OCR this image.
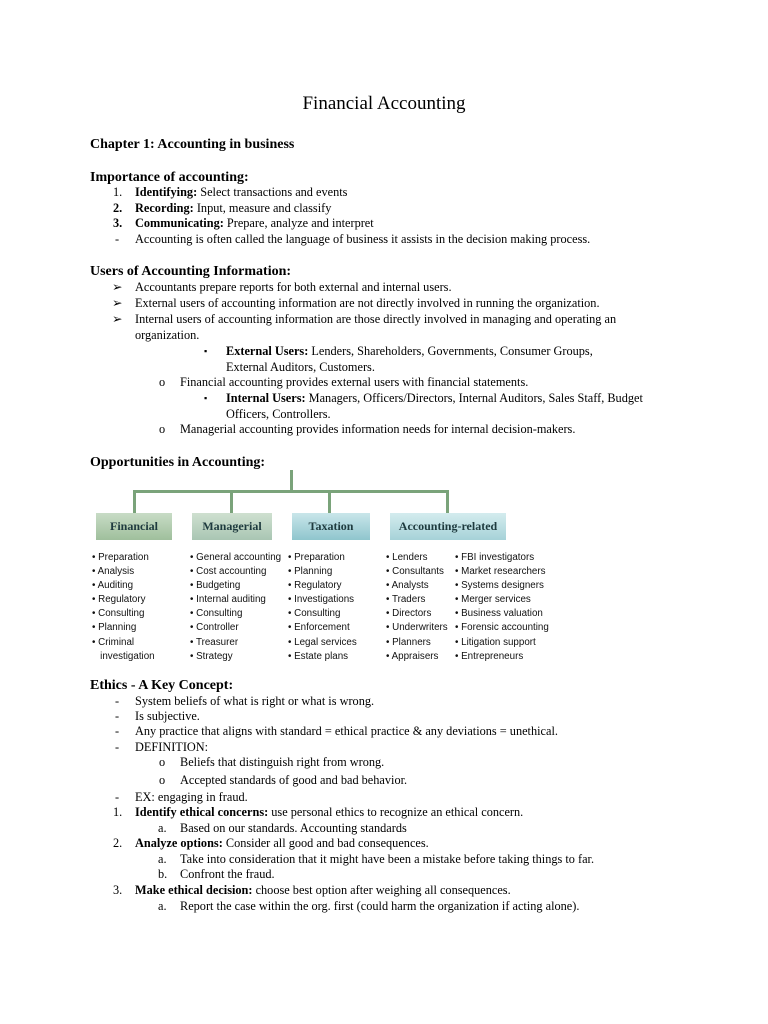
Financial Accounting
Chapter 1: Accounting in business
Importance of accounting:
1. Identifying: Select transactions and events
2. Recording: Input, measure and classify
3. Communicating: Prepare, analyze and interpret
- Accounting is often called the language of business it assists in the decision making process.
Users of Accounting Information:
➢ Accountants prepare reports for both external and internal users.
➢ External users of accounting information are not directly involved in running the organization.
➢ Internal users of accounting information are those directly involved in managing and operating an
organization.
▪ External Users: Lenders, Shareholders, Governments, Consumer Groups,
External Auditors, Customers.
o Financial accounting provides external users with financial statements.
▪ Internal Users: Managers, Officers/Directors, Internal Auditors, Sales Staff, Budget
Officers, Controllers.
o Managerial accounting provides information needs for internal decision-makers.
Opportunities in Accounting:
Financial	Managerial	Taxation	Accounting-related
• Preparation
• Analysis
• Auditing
• Regulatory
• Consulting
• Planning
• Criminal
investigation
• General accounting
• Cost accounting
• Budgeting
• Internal auditing
• Consulting
• Controller
• Treasurer
• Strategy
• Preparation
• Planning
• Regulatory
• Investigations
• Consulting
• Enforcement
• Legal services
• Estate plans
• Lenders
• Consultants
• Analysts
• Traders
• Directors
• Underwriters
• Planners
• Appraisers
• FBI investigators
• Market researchers
• Systems designers
• Merger services
• Business valuation
• Forensic accounting
• Litigation support
• Entrepreneurs
Ethics - A Key Concept:
- System beliefs of what is right or what is wrong.
- Is subjective.
- Any practice that aligns with standard = ethical practice & any deviations = unethical.
- DEFINITION:
o Beliefs that distinguish right from wrong.
o Accepted standards of good and bad behavior.
- EX: engaging in fraud.
1. Identify ethical concerns: use personal ethics to recognize an ethical concern.
a. Based on our standards. Accounting standards
2. Analyze options: Consider all good and bad consequences.
a. Take into consideration that it might have been a mistake before taking things to far.
b. Confront the fraud.
3. Make ethical decision: choose best option after weighing all consequences.
a. Report the case within the org. first (could harm the organization if acting alone).
